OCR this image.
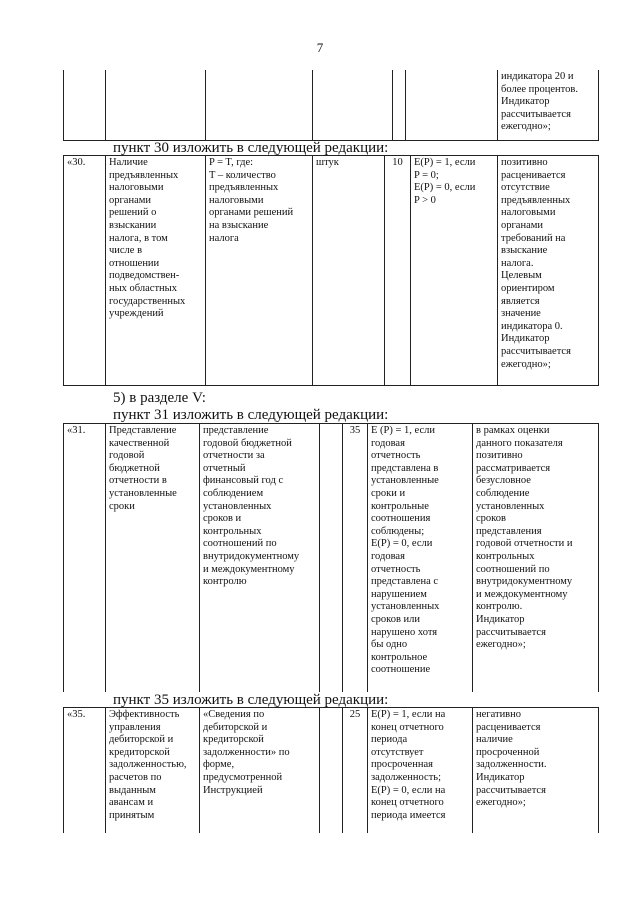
7
						индикатора 20 и
более процентов.
Индикатор
рассчитывается
ежегодно»;
пункт 30 изложить в следующей редакции:
«30.	Наличие
предъявленных
налоговыми
органами
решений о
взыскании
налога, в том
числе в
отношении
подведомствен-
ных областных
государственных
учреждений	P = T, где:
T – количество
предъявленных
налоговыми
органами решений
на взыскание
налога	штук	10	E(P) = 1, если
P = 0;
E(P) = 0, если
P > 0	позитивно
расценивается
отсутствие
предъявленных
налоговыми
органами
требований на
взыскание
налога.
Целевым
ориентиром
является
значение
индикатора 0.
Индикатор
рассчитывается
ежегодно»;
5) в разделе V:
пункт 31 изложить в следующей редакции:
«31.	Представление
качественной
годовой
бюджетной
отчетности в
установленные
сроки	представление
годовой бюджетной
отчетности за
отчетный
финансовый год с
соблюдением
установленных
сроков и
контрольных
соотношений по
внутридокументному
и междокументному
контролю		35	E (P) = 1, если
годовая
отчетность
представлена в
установленные
сроки и
контрольные
соотношения
соблюдены;
E(P) = 0, если
годовая
отчетность
представлена с
нарушением
установленных
сроков или
нарушено хотя
бы одно
контрольное
соотношение	в рамках оценки
данного показателя
позитивно
рассматривается
безусловное
соблюдение
установленных
сроков
представления
годовой отчетности и
контрольных
соотношений по
внутридокументному
и междокументному
контролю.
Индикатор
рассчитывается
ежегодно»;
пункт 35 изложить в следующей редакции:
«35.	Эффективность
управления
дебиторской и
кредиторской
задолженностью,
расчетов по
выданным
авансам и
принятым	«Сведения по
дебиторской и
кредиторской
задолженности» по
форме,
предусмотренной
Инструкцией		25	E(P) = 1, если на
конец отчетного
периода
отсутствует
просроченная
задолженность;
E(P) = 0, если на
конец отчетного
периода имеется	негативно
расценивается
наличие
просроченной
задолженности.
Индикатор
рассчитывается
ежегодно»;
